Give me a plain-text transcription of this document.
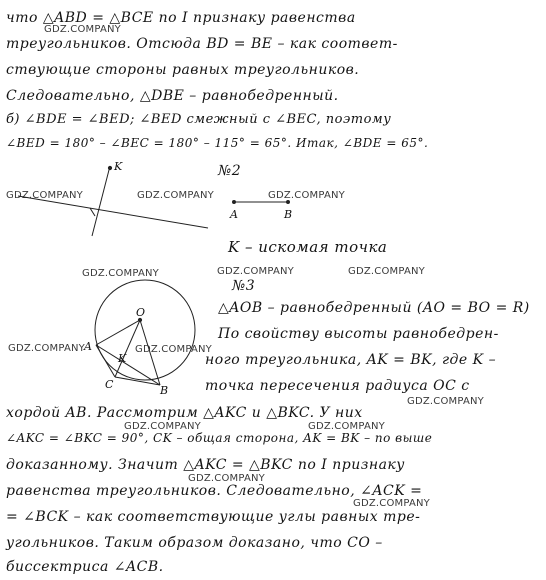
GDZ.COMPANY
GDZ.COMPANY	GDZ.COMPANY	GDZ.COMPANY
GDZ.COMPANY	GDZ.COMPANY	GDZ.COMPANY
GDZ.COMPANY	GDZ.COMPANY
GDZ.COMPANY
GDZ.COMPANY	GDZ.COMPANY
GDZ.COMPANY
GDZ.COMPANY
что △ABD = △BCE по I признаку равенства
треугольников. Отсюда BD = BE – как соответ-
ствующие стороны равных треугольников.
Следовательно, △DBE – равнобедренный.
б) ∠BDE = ∠BED; ∠BED смежный с ∠BEC, поэтому
∠BED = 180° – ∠BEC = 180° – 115° = 65°. Итак, ∠BDE = 65°.
№2
K – искомая точка
№3
△AOB – равнобедренный (AO = BO = R)
По свойству высоты равнобедрен-
ного треугольника, AK = BK, где K –
точка пересечения радиуса OC с
хордой AB. Рассмотрим △AKC и △BKC. У них
∠AKC = ∠BKC = 90°, CK – общая сторона, AK = BK – по выше
доказанному. Значит △AKC = △BKC по I признаку
равенства треугольников. Следовательно, ∠ACK =
= ∠BCK – как соответствующие углы равных тре-
угольников. Таким образом доказано, что CO –
биссектриса ∠ACB.
K
A	B
O
A
K
C	B
